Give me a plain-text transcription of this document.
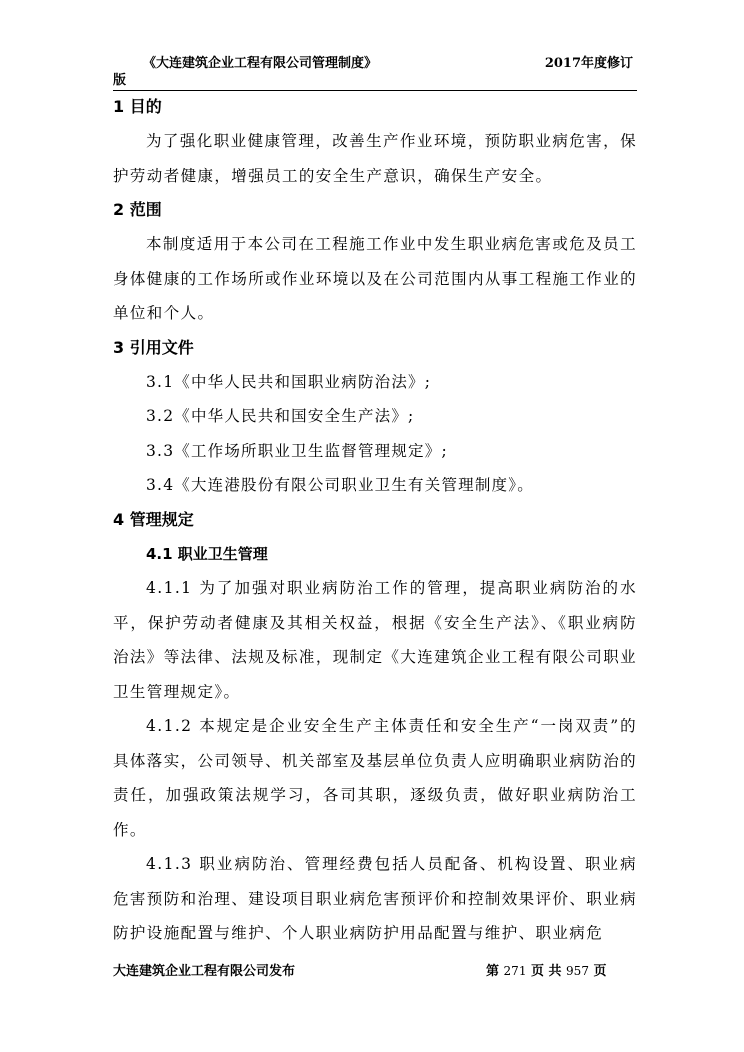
《大连建筑企业工程有限公司管理制度》	2017年度修订
版
1 目的

为了强化职业健康管理，改善生产作业环境，预防职业病危害，保护劳动者健康，增强员工的安全生产意识，确保生产安全。

2 范围

本制度适用于本公司在工程施工作业中发生职业病危害或危及员工身体健康的工作场所或作业环境以及在公司范围内从事工程施工作业的单位和个人。

3 引用文件

3.1《中华人民共和国职业病防治法》;

3.2《中华人民共和国安全生产法》;

3.3《工作场所职业卫生监督管理规定》;

3.4《大连港股份有限公司职业卫生有关管理制度》。

4 管理规定

4.1 职业卫生管理

4.1.1 为了加强对职业病防治工作的管理，提高职业病防治的水平，保护劳动者健康及其相关权益，根据《安全生产法》、《职业病防治法》等法律、法规及标准，现制定《大连建筑企业工程有限公司职业卫生管理规定》。

4.1.2 本规定是企业安全生产主体责任和安全生产“一岗双责”的具体落实，公司领导、机关部室及基层单位负责人应明确职业病防治的责任，加强政策法规学习，各司其职，逐级负责，做好职业病防治工作。

4.1.3 职业病防治、管理经费包括人员配备、机构设置、职业病危害预防和治理、建设项目职业病危害预评价和控制效果评价、职业病防护设施配置与维护、个人职业病防护用品配置与维护、职业病危

大连建筑企业工程有限公司发布	第 271 页 共 957 页
